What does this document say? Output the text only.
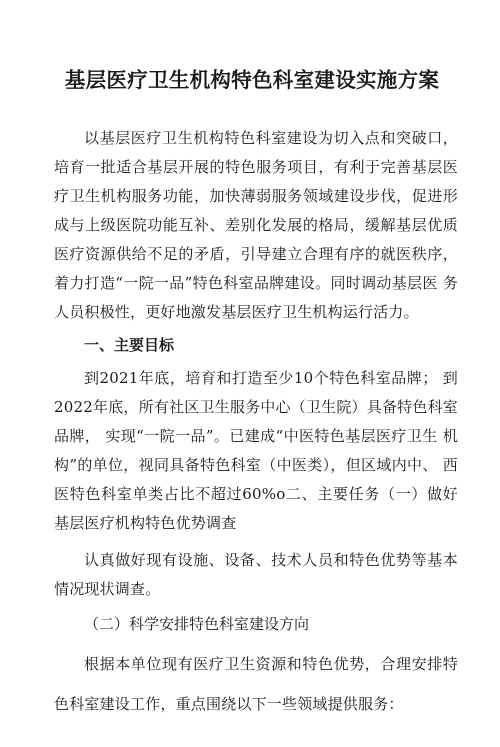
基层医疗卫生机构特色科室建设实施方案

以基层医疗卫生机构特色科室建设为切入点和突破口， 培育一批适合基层开展的特色服务项目，有利于完善基层医 疗卫生机构服务功能，加快薄弱服务领域建设步伐，促进形 成与上级医院功能互补、差别化发展的格局，缓解基层优质 医疗资源供给不足的矛盾，引导建立合理有序的就医秩序，着力打造“一院一品”特色科室品牌建设。同时调动基层医 务人员积极性，更好地激发基层医疗卫生机构运行活力。

一、主要目标

到2021年底，培育和打造至少10个特色科室品牌； 到 2022年底，所有社区卫生服务中心（卫生院）具备特色科室 品牌， 实现“一院一品”。已建成“中医特色基层医疗卫生 机构”的单位，视同具备特色科室（中医类），但区域内中、 西医特色科室单类占比不超过60%o二、主要任务（一）做好基层医疗机构特色优势调查

认真做好现有设施、设备、技术人员和特色优势等基本 情况现状调查。

（二）科学安排特色科室建设方向

根据本单位现有医疗卫生资源和特色优势，合理安排特 色科室建设工作，重点围绕以下一些领域提供服务：
